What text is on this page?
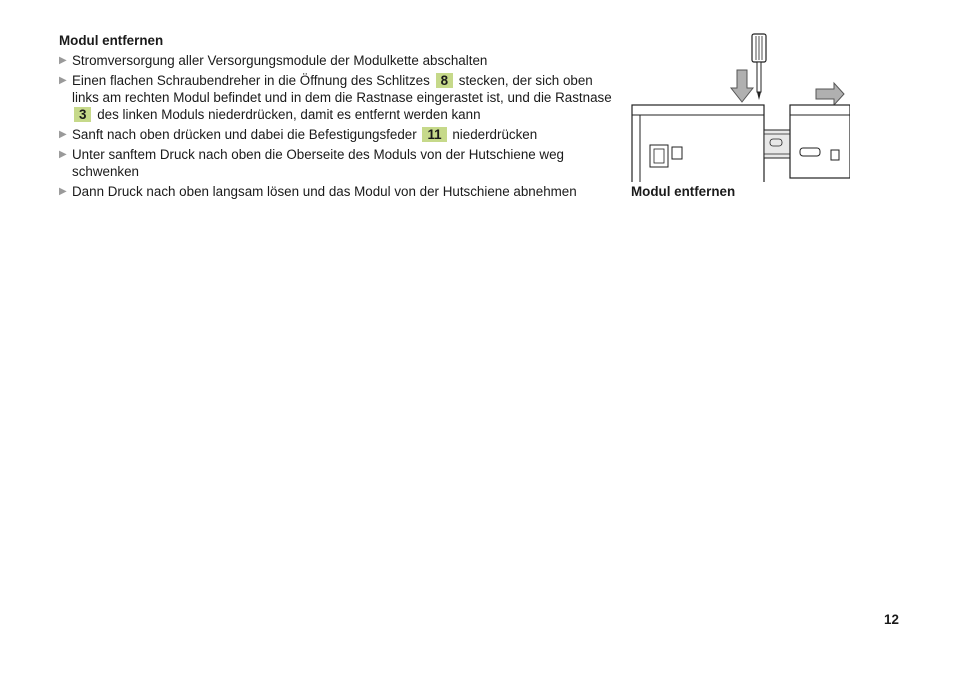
Modul entfernen
▶ Stromversorgung aller Versorgungsmodule der Modulkette abschalten
▶ Einen flachen Schraubendreher in die Öffnung des Schlitzes 8 stecken, der sich oben links am rechten Modul befindet und in dem die Rastnase eingerastet ist, und die Rastnase 3 des linken Moduls niederdrücken, damit es entfernt werden kann
▶ Sanft nach oben drücken und dabei die Befestigungsfeder 11 niederdrücken
▶ Unter sanftem Druck nach oben die Oberseite des Moduls von der Hutschiene weg schwenken
▶ Dann Druck nach oben langsam lösen und das Modul von der Hutschiene abnehmen	Modul entfernen
12
